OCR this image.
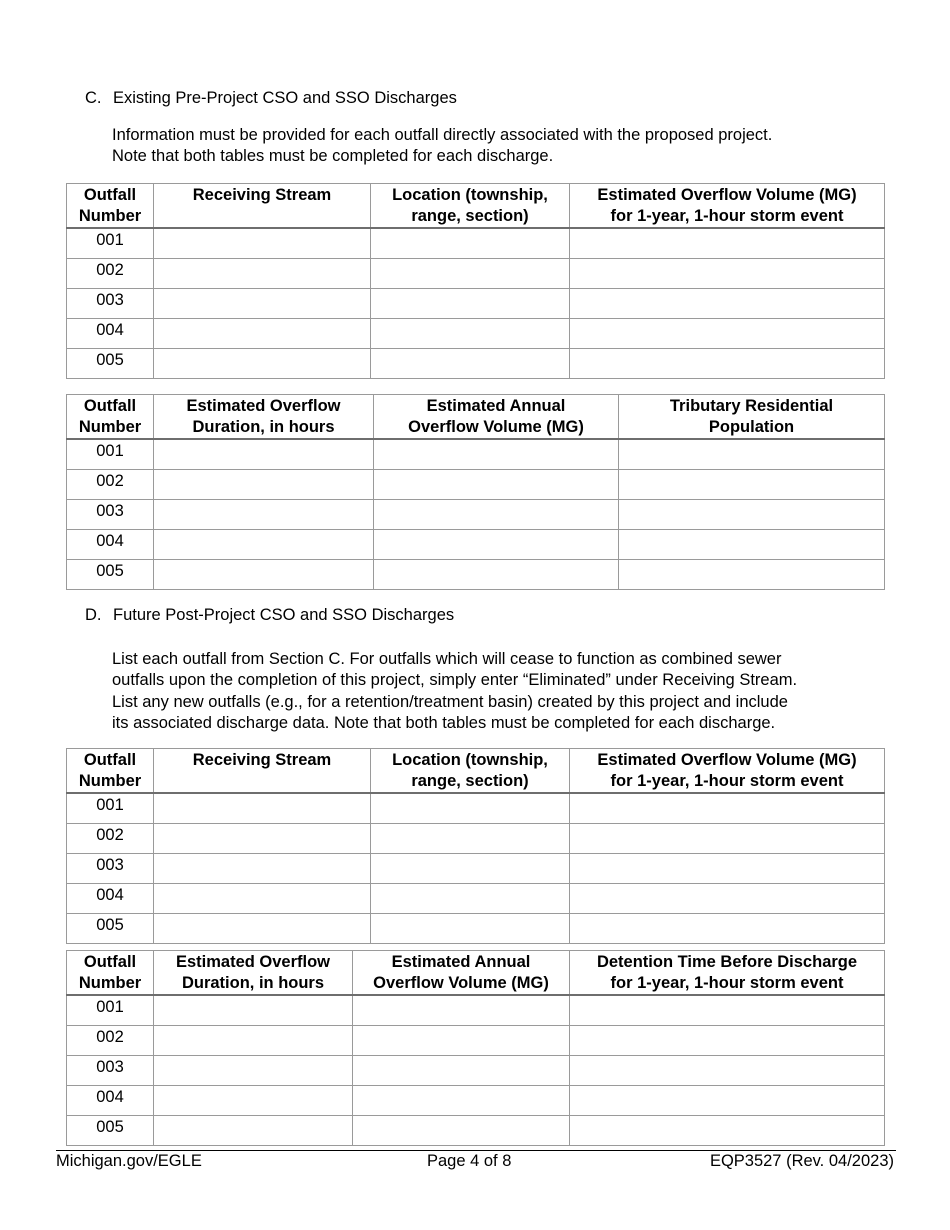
C. Existing Pre-Project CSO and SSO Discharges

Information must be provided for each outfall directly associated with the proposed project.

Note that both tables must be completed for each discharge.

Outfall
Number	Receiving Stream	Location (township,
range, section)	Estimated Overflow Volume (MG)
for 1-year, 1-hour storm event
001			
002			
003			
004			
005			
Outfall
Number	Estimated Overflow
Duration, in hours	Estimated Annual
Overflow Volume (MG)	Tributary Residential
Population
001			
002			
003			
004			
005			
D. Future Post-Project CSO and SSO Discharges

List each outfall from Section C. For outfalls which will cease to function as combined sewer

outfalls upon the completion of this project, simply enter “Eliminated” under Receiving Stream.

List any new outfalls (e.g., for a retention/treatment basin) created by this project and include

its associated discharge data. Note that both tables must be completed for each discharge.

Outfall
Number	Receiving Stream	Location (township,
range, section)	Estimated Overflow Volume (MG)
for 1-year, 1-hour storm event
001			
002			
003			
004			
005			
Outfall
Number	Estimated Overflow
Duration, in hours	Estimated Annual
Overflow Volume (MG)	Detention Time Before Discharge
for 1-year, 1-hour storm event
001			
002			
003			
004			
005			
Michigan.gov/EGLE	Page 4 of 8	EQP3527 (Rev. 04/2023)
